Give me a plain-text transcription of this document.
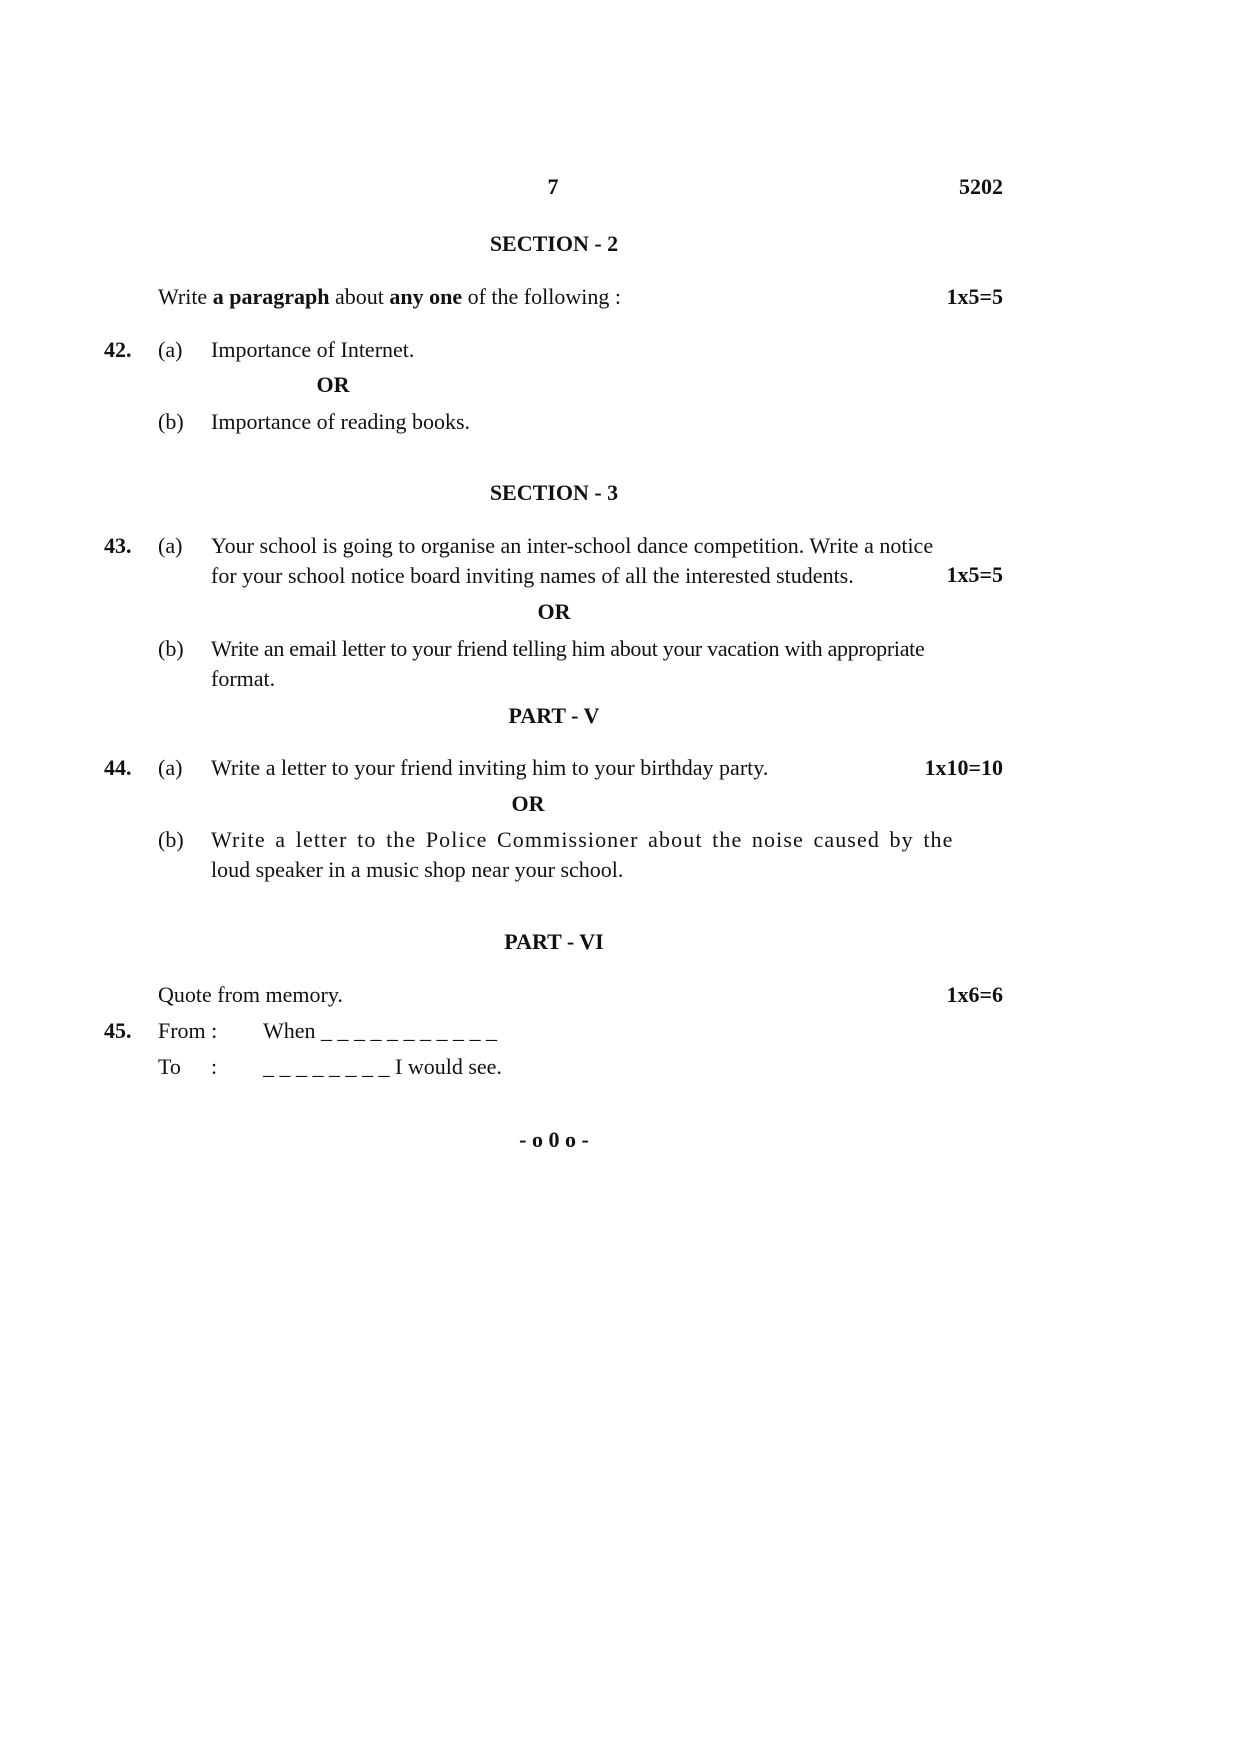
7	5202
SECTION - 2
Write a paragraph about any one of the following :	1x5=5
42. (a) Importance of Internet.
OR
(b) Importance of reading books.
SECTION - 3
43. (a) Your school is going to organise an inter-school dance competition. Write a notice
for your school notice board inviting names of all the interested students.	1x5=5
OR
(b) Write an email letter to your friend telling him about your vacation with appropriate
format.
PART - V
44. (a) Write a letter to your friend inviting him to your birthday party.	1x10=10
OR
(b) Write a letter to the Police Commissioner about the noise caused by the
loud speaker in a music shop near your school.
PART - VI
Quote from memory.	1x6=6
45. From : When _ _ _ _ _ _ _ _ _ _ _
To : _ _ _ _ _ _ _ _ I would see.
- o 0 o -
